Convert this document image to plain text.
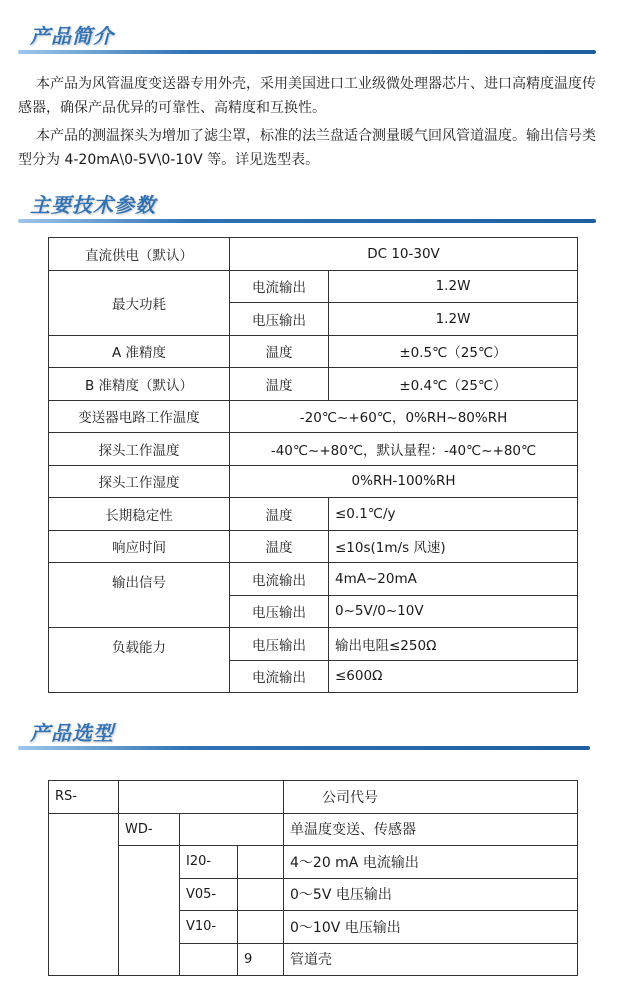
产品简介

本产品为风管温度变送器专用外壳，采用美国进口工业级微处理器芯片、进口高精度温度传感器，确保产品优异的可靠性、高精度和互换性。

本产品的测温探头为增加了滤尘罩，标准的法兰盘适合测量暖气回风管道温度。输出信号类型分为 4-20mA\0-5V\0-10V 等。详见选型表。

主要技术参数
直流供电（默认）	DC 10-30V	
最大功耗	电流输出	1.2W
	电压输出	1.2W
A 准精度	温度	±0.5℃（25℃）
B 准精度（默认）	温度	±0.4℃（25℃）
变送器电路工作温度	-20℃~+60℃，0%RH~80%RH	
探头工作温度	-40℃~+80℃，默认量程：-40℃~+80℃	
探头工作湿度	0%RH-100%RH	
长期稳定性	温度	≤0.1℃/y
响应时间	温度	≤10s(1m/s 风速)
输出信号	电流输出	4mA~20mA
	电压输出	0~5V/0~10V
负载能力	电压输出	输出电阻≤250Ω
	电流输出	≤600Ω
产品选型
RS-				公司代号
	WD-			单温度变送、传感器
		I20-		4～20 mA 电流输出
		V05-		0～5V 电压输出
		V10-		0～10V 电压输出
			9	管道壳
